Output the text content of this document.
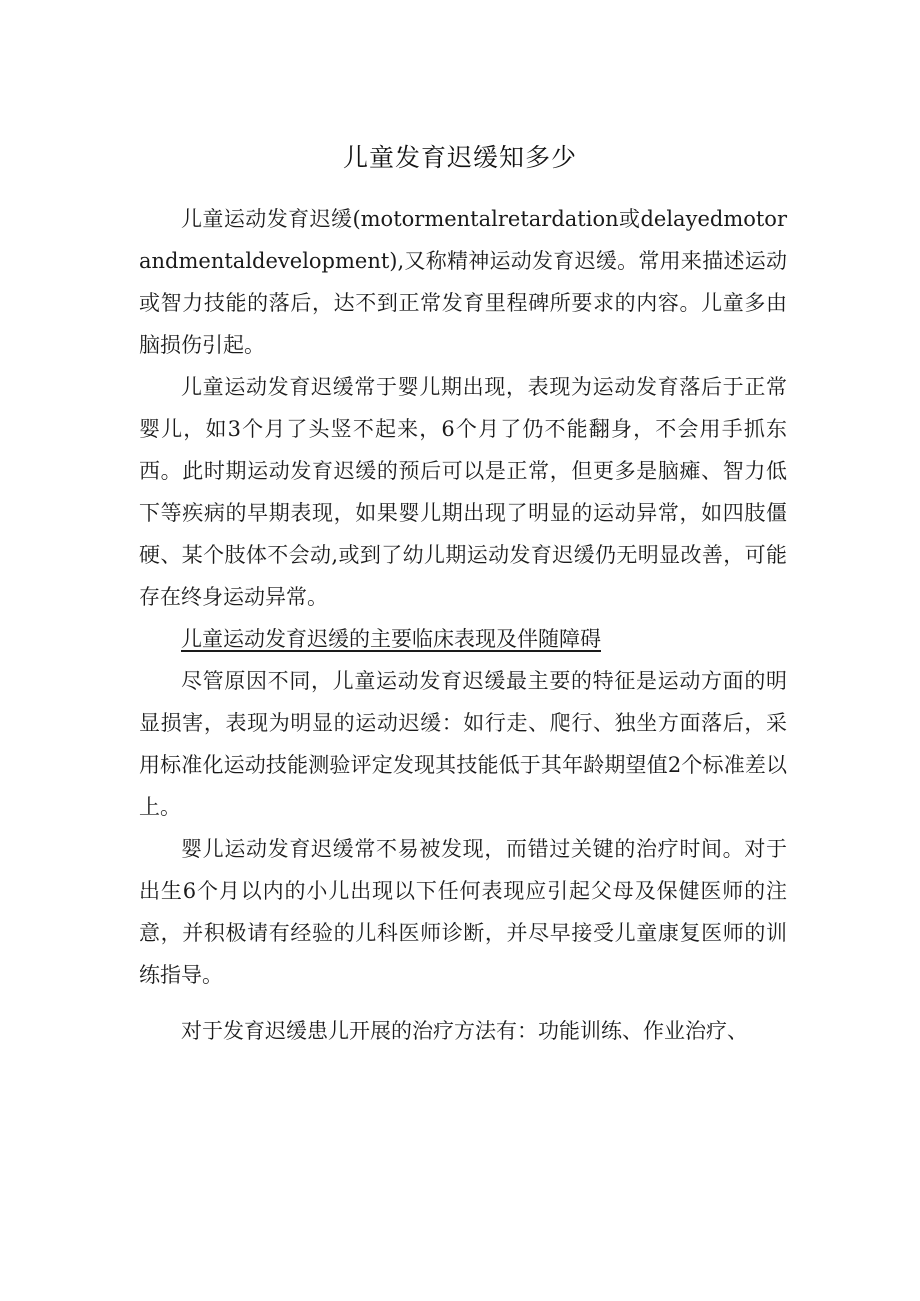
儿童发育迟缓知多少

儿童运动发育迟缓(motormentalretardation或delayedmotorandmentaldevelopment),又称精神运动发育迟缓。常用来描述运动或智力技能的落后，达不到正常发育里程碑所要求的内容。儿童多由脑损伤引起。

儿童运动发育迟缓常于婴儿期出现，表现为运动发育落后于正常婴儿，如3个月了头竖不起来，6个月了仍不能翻身，不会用手抓东西。此时期运动发育迟缓的预后可以是正常，但更多是脑瘫、智力低下等疾病的早期表现，如果婴儿期出现了明显的运动异常，如四肢僵硬、某个肢体不会动,或到了幼儿期运动发育迟缓仍无明显改善，可能存在终身运动异常。

儿童运动发育迟缓的主要临床表现及伴随障碍

尽管原因不同，儿童运动发育迟缓最主要的特征是运动方面的明显损害，表现为明显的运动迟缓：如行走、爬行、独坐方面落后，采用标准化运动技能测验评定发现其技能低于其年龄期望值2个标准差以上。

婴儿运动发育迟缓常不易被发现，而错过关键的治疗时间。对于出生6个月以内的小儿出现以下任何表现应引起父母及保健医师的注意，并积极请有经验的儿科医师诊断，并尽早接受儿童康复医师的训练指导。

对于发育迟缓患儿开展的治疗方法有：功能训练、作业治疗、
